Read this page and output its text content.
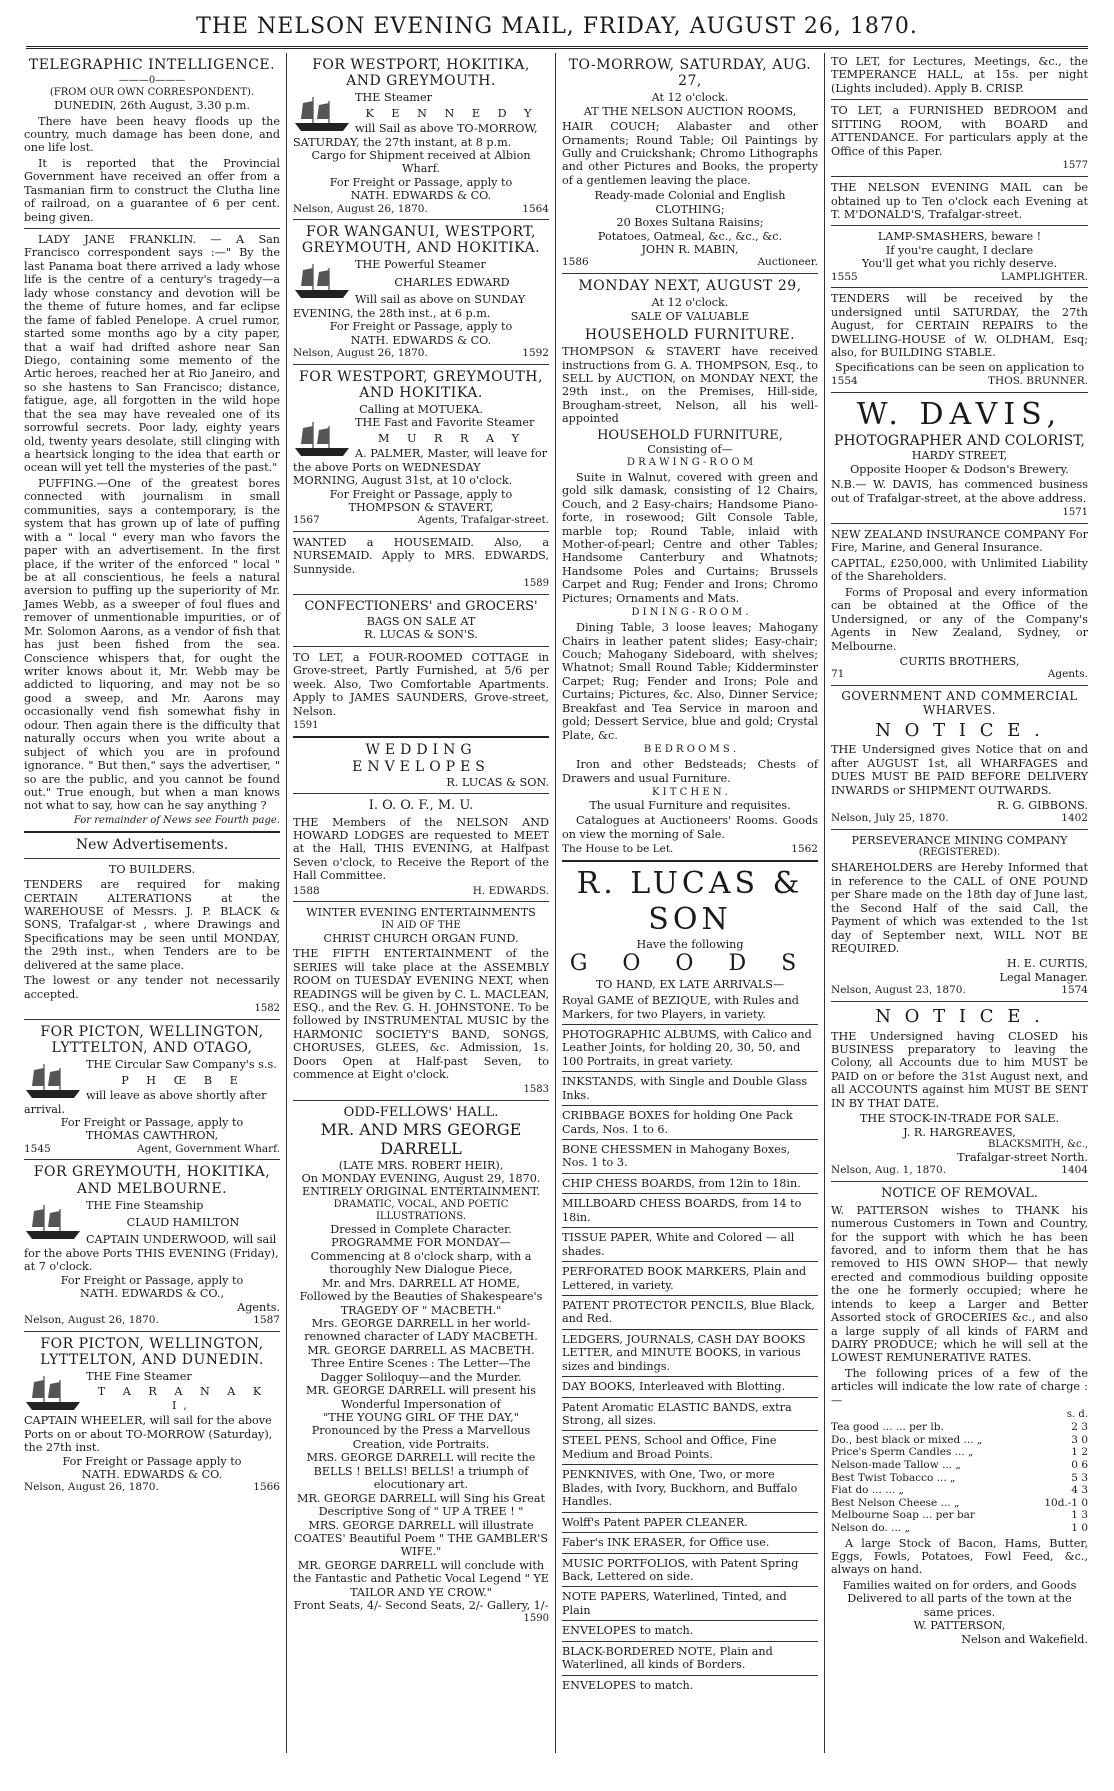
THE NELSON EVENING MAIL, FRIDAY, AUGUST 26, 1870.
TELEGRAPHIC INTELLIGENCE.
———0———
(FROM OUR OWN CORRESPONDENT).
DUNEDIN, 26th August, 3.30 p.m.

There have been heavy floods up the country, much damage has been done, and one life lost.

It is reported that the Provincial Government have received an offer from a Tasmanian firm to construct the Clutha line of railroad, on a guarantee of 6 per cent. being given.

LADY JANE FRANKLIN. — A San Francisco correspondent says :—" By the last Panama boat there arrived a lady whose life is the centre of a century's tragedy—a lady whose constancy and devotion will be the theme of future homes, and far eclipse the fame of fabled Penelope. A cruel rumor, started some months ago by a city paper, that a waif had drifted ashore near San Diego, containing some memento of the Artic heroes, reached her at Rio Janeiro, and so she hastens to San Francisco; distance, fatigue, age, all forgotten in the wild hope that the sea may have revealed one of its sorrowful secrets. Poor lady, eighty years old, twenty years desolate, still clinging with a heartsick longing to the idea that earth or ocean will yet tell the mysteries of the past."

PUFFING.—One of the greatest bores connected with journalism in small communities, says a contemporary, is the system that has grown up of late of puffing with a " local " every man who favors the paper with an advertisement. In the first place, if the writer of the enforced " local " be at all conscientious, he feels a natural aversion to puffing up the superiority of Mr. James Webb, as a sweeper of foul flues and remover of unmentionable impurities, or of Mr. Solomon Aarons, as a vendor of fish that has just been fished from the sea. Conscience whispers that, for ought the writer knows about it, Mr. Webb may be addicted to liquoring, and may not be so good a sweep, and Mr. Aarons may occasionally vend fish somewhat fishy in odour. Then again there is the difficulty that naturally occurs when you write about a subject of which you are in profound ignorance. " But then," says the advertiser, " so are the public, and you cannot be found out." True enough, but when a man knows not what to say, how can he say anything ?

For remainder of News see Fourth page.
New Advertisements.
TO BUILDERS.

TENDERS are required for making CERTAIN ALTERATIONS at the WAREHOUSE of Messrs. J. P. BLACK & SONS, Trafalgar-st , where Drawings and Specifications may be seen until MONDAY, the 29th inst., when Tenders are to be delivered at the same place.

The lowest or any tender not necessarily accepted.

1582
FOR PICTON, WELLINGTON, LYTTELTON, AND OTAGO,
THE Circular Saw Company's s.s.
P H Œ B E
will leave as above shortly after arrival.
For Freight or Passage, apply to
THOMAS CAWTHRON,
1545	Agent, Government Wharf.
FOR GREYMOUTH, HOKITIKA, AND MELBOURNE.
THE Fine Steamship
CLAUD HAMILTON
CAPTAIN UNDERWOOD, will sail for the above Ports THIS EVENING (Friday), at 7 o'clock.
For Freight or Passage, apply to
NATH. EDWARDS & CO.,
Agents.
Nelson, August 26, 1870.	1587
FOR PICTON, WELLINGTON, LYTTELTON, AND DUNEDIN.
THE Fine Steamer
T A R A N A K I,
CAPTAIN WHEELER, will sail for the above Ports on or about TO-MORROW (Saturday), the 27th inst.
For Freight or Passage apply to
NATH. EDWARDS & CO.
Nelson, August 26, 1870.	1566
FOR WESTPORT, HOKITIKA, AND GREYMOUTH.
THE Steamer
K E N N E D Y
will Sail as above TO-MORROW, SATURDAY, the 27th instant, at 8 p.m.
Cargo for Shipment received at Albion Wharf.
For Freight or Passage, apply to
NATH. EDWARDS & CO.
Nelson, August 26, 1870.	1564
FOR WANGANUI, WESTPORT, GREYMOUTH, AND HOKITIKA.
THE Powerful Steamer
CHARLES EDWARD
Will sail as above on SUNDAY EVENING, the 28th inst., at 6 p.m.
For Freight or Passage, apply to
NATH. EDWARDS & CO.
Nelson, August 26, 1870.	1592
FOR WESTPORT, GREYMOUTH, AND HOKITIKA.
Calling at MOTUEKA.
THE Fast and Favorite Steamer
M U R R A Y
A. PALMER, Master, will leave for the above Ports on WEDNESDAY MORNING, August 31st, at 10 o'clock.
For Freight or Passage, apply to
THOMPSON & STAVERT,
1567	Agents, Trafalgar-street.

WANTED a HOUSEMAID. Also, a NURSEMAID. Apply to MRS. EDWARDS, Sunnyside.

1589
CONFECTIONERS' and GROCERS'
BAGS ON SALE AT
R. LUCAS & SON'S.

TO LET, a FOUR-ROOMED COTTAGE in Grove-street, Partly Furnished, at 5/6 per week. Also, Two Comfortable Apartments. Apply to JAMES SAUNDERS, Grove-street, Nelson.

1591
WEDDING ENVELOPES
R. LUCAS & SON.
I. O. O. F., M. U.

THE Members of the NELSON AND HOWARD LODGES are requested to MEET at the Hall, THIS EVENING, at Halfpast Seven o'clock, to Receive the Report of the Hall Committee.

1588	H. EDWARDS.
WINTER EVENING ENTERTAINMENTS
IN AID OF THE
CHRIST CHURCH ORGAN FUND.

THE FIFTH ENTERTAINMENT of the SERIES will take place at the ASSEMBLY ROOM on TUESDAY EVENING NEXT, when READINGS will be given by C. L. MACLEAN, ESQ., and the Rev. G. H. JOHNSTONE. To be followed by INSTRUMENTAL MUSIC by the HARMONIC SOCIETY'S BAND, SONGS, CHORUSES, GLEES, &c. Admission, 1s. Doors Open at Half-past Seven, to commence at Eight o'clock.

1583
ODD-FELLOWS' HALL.
MR. AND MRS GEORGE DARRELL
(LATE MRS. ROBERT HEIR),
On MONDAY EVENING, August 29, 1870.
ENTIRELY ORIGINAL ENTERTAINMENT.
DRAMATIC, VOCAL, AND POETIC ILLUSTRATIONS.
Dressed in Complete Character.
PROGRAMME FOR MONDAY—
Commencing at 8 o'clock sharp, with a thoroughly New Dialogue Piece,
Mr. and Mrs. DARRELL AT HOME,
Followed by the Beauties of Shakespeare's TRAGEDY OF " MACBETH."
Mrs. GEORGE DARRELL in her world-renowned character of LADY MACBETH.
MR. GEORGE DARRELL AS MACBETH.
Three Entire Scenes : The Letter—The Dagger Soliloquy—and the Murder.
MR. GEORGE DARRELL will present his Wonderful Impersonation of
"THE YOUNG GIRL OF THE DAY,"
Pronounced by the Press a Marvellous Creation, vide Portraits.
MRS. GEORGE DARRELL will recite the BELLS ! BELLS! BELLS! a triumph of elocutionary art.
MR. GEORGE DARRELL will Sing his Great Descriptive Song of " UP A TREE ! "
MRS. GEORGE DARRELL will illustrate COATES' Beautiful Poem " THE GAMBLER'S WIFE."
MR. GEORGE DARRELL will conclude with the Fantastic and Pathetic Vocal Legend " YE TAILOR AND YE CROW."
Front Seats, 4/- Second Seats, 2/- Gallery, 1/-
1590
TO-MORROW, SATURDAY, AUG. 27,
At 12 o'clock.
AT THE NELSON AUCTION ROOMS,

HAIR COUCH; Alabaster and other Ornaments; Round Table; Oil Paintings by Gully and Cruickshank; Chromo Lithographs and other Pictures and Books, the property of a gentlemen leaving the place.

Ready-made Colonial and English
CLOTHING;
20 Boxes Sultana Raisins;
Potatoes, Oatmeal, &c., &c., &c.
JOHN R. MABIN,
1586	Auctioneer.
MONDAY NEXT, AUGUST 29,
At 12 o'clock.
SALE OF VALUABLE
HOUSEHOLD FURNITURE.

THOMPSON & STAVERT have received instructions from G. A. THOMPSON, Esq., to SELL by AUCTION, on MONDAY NEXT, the 29th inst., on the Premises, Hill-side, Brougham-street, Nelson, all his well-appointed

HOUSEHOLD FURNITURE,
Consisting of—
D R A W I N G - R O O M

Suite in Walnut, covered with green and gold silk damask, consisting of 12 Chairs, Couch, and 2 Easy-chairs; Handsome Piano-forte, in rosewood; Gilt Console Table, marble top; Round Table, inlaid with Mother-of-pearl; Centre and other Tables; Handsome Canterbury and Whatnots; Handsome Poles and Curtains; Brussels Carpet and Rug; Fender and Irons; Chromo Pictures; Ornaments and Mats.

D I N I N G - R O O M .

Dining Table, 3 loose leaves; Mahogany Chairs in leather patent slides; Easy-chair; Couch; Mahogany Sideboard, with shelves; Whatnot; Small Round Table; Kidderminster Carpet; Rug; Fender and Irons; Pole and Curtains; Pictures, &c. Also, Dinner Service; Breakfast and Tea Service in maroon and gold; Dessert Service, blue and gold; Crystal Plate, &c.

B E D R O O M S .

Iron and other Bedsteads; Chests of Drawers and usual Furniture.

K I T C H E N .
The usual Furniture and requisites.

Catalogues at Auctioneers' Rooms. Goods on view the morning of Sale.

The House to be Let.	1562
R. LUCAS & SON
Have the following
G O O D S
TO HAND, EX LATE ARRIVALS—
Royal GAME of BEZIQUE, with Rules and Markers, for two Players, in variety.
PHOTOGRAPHIC ALBUMS, with Calico and Leather Joints, for holding 20, 30, 50, and 100 Portraits, in great variety.
INKSTANDS, with Single and Double Glass Inks.
CRIBBAGE BOXES for holding One Pack Cards, Nos. 1 to 6.
BONE CHESSMEN in Mahogany Boxes, Nos. 1 to 3.
CHIP CHESS BOARDS, from 12in to 18in.
MILLBOARD CHESS BOARDS, from 14 to 18in.
TISSUE PAPER, White and Colored — all shades.
PERFORATED BOOK MARKERS, Plain and Lettered, in variety.
PATENT PROTECTOR PENCILS, Blue Black, and Red.
LEDGERS, JOURNALS, CASH DAY BOOKS LETTER, and MINUTE BOOKS, in various sizes and bindings.
DAY BOOKS, Interleaved with Blotting.
Patent Aromatic ELASTIC BANDS, extra Strong, all sizes.
STEEL PENS, School and Office, Fine Medium and Broad Points.
PENKNIVES, with One, Two, or more Blades, with Ivory, Buckhorn, and Buffalo Handles.
Wolff's Patent PAPER CLEANER.
Faber's INK ERASER, for Office use.
MUSIC PORTFOLIOS, with Patent Spring Back, Lettered on side.
NOTE PAPERS, Waterlined, Tinted, and Plain
ENVELOPES to match.
BLACK-BORDERED NOTE, Plain and Waterlined, all kinds of Borders.
ENVELOPES to match.

TO LET, for Lectures, Meetings, &c., the TEMPERANCE HALL, at 15s. per night (Lights included). Apply B. CRISP.

TO LET, a FURNISHED BEDROOM and SITTING ROOM, with BOARD and ATTENDANCE. For particulars apply at the Office of this Paper.

1577

THE NELSON EVENING MAIL can be obtained up to Ten o'clock each Evening at T. M'DONALD'S, Trafalgar-street.

LAMP-SMASHERS, beware !
If you're caught, I declare
You'll get what you richly deserve.
1555	LAMPLIGHTER.

TENDERS will be received by the undersigned until SATURDAY, the 27th August, for CERTAIN REPAIRS to the DWELLING-HOUSE of W. OLDHAM, Esq; also, for BUILDING STABLE.

Specifications can be seen on application to
1554	THOS. BRUNNER.
W. DAVIS,
PHOTOGRAPHER AND COLORIST,
HARDY STREET,
Opposite Hooper & Dodson's Brewery.

N.B.— W. DAVIS, has commenced business out of Trafalgar-street, at the above address.

1571

NEW ZEALAND INSURANCE COMPANY For Fire, Marine, and General Insurance.

CAPITAL, £250,000, with Unlimited Liability of the Shareholders.

Forms of Proposal and every information can be obtained at the Office of the Undersigned, or any of the Company's Agents in New Zealand, Sydney, or Melbourne.

CURTIS BROTHERS,
71	Agents.
GOVERNMENT AND COMMERCIAL WHARVES.
N O T I C E .

THE Undersigned gives Notice that on and after AUGUST 1st, all WHARFAGES and DUES MUST BE PAID BEFORE DELIVERY INWARDS or SHIPMENT OUTWARDS.

R. G. GIBBONS.
Nelson, July 25, 1870.	1402
PERSEVERANCE MINING COMPANY
(REGISTERED).

SHAREHOLDERS are Hereby Informed that in reference to the CALL of ONE POUND per Share made on the 18th day of June last, the Second Half of the said Call, the Payment of which was extended to the 1st day of September next, WILL NOT BE REQUIRED.

H. E. CURTIS,
Legal Manager.
Nelson, August 23, 1870.	1574
N O T I C E .

THE Undersigned having CLOSED his BUSINESS preparatory to leaving the Colony, all Accounts due to him MUST be PAID on or before the 31st August next, and all ACCOUNTS against him MUST BE SENT IN BY THAT DATE.

THE STOCK-IN-TRADE FOR SALE.
J. R. HARGREAVES,
BLACKSMITH, &c.,
Trafalgar-street North.
Nelson, Aug. 1, 1870.	1404
NOTICE OF REMOVAL.

W. PATTERSON wishes to THANK his numerous Customers in Town and Country, for the support with which he has been favored, and to inform them that he has removed to HIS OWN SHOP— that newly erected and commodious building opposite the one he formerly occupied; where he intends to keep a Larger and Better Assorted stock of GROCERIES &c., and also a large supply of all kinds of FARM and DAIRY PRODUCE; which he will sell at the LOWEST REMUNERATIVE RATES.

The following prices of a few of the articles will indicate the low rate of charge :—

s. d.
Tea good ... ... per lb.	2 3
Do., best black or mixed ... „	3 0
Price's Sperm Candles ... „	1 2
Nelson-made Tallow ... „	0 6
Best Twist Tobacco ... „	5 3
Fiat do ... ... „	4 3
Best Nelson Cheese ... „	10d.-1 0
Melbourne Soap ... per bar	1 3
Nelson do. ... „	1 0

A large Stock of Bacon, Hams, Butter, Eggs, Fowls, Potatoes, Fowl Feed, &c., always on hand.

Families waited on for orders, and Goods Delivered to all parts of the town at the same prices.
W. PATTERSON,
Nelson and Wakefield.
